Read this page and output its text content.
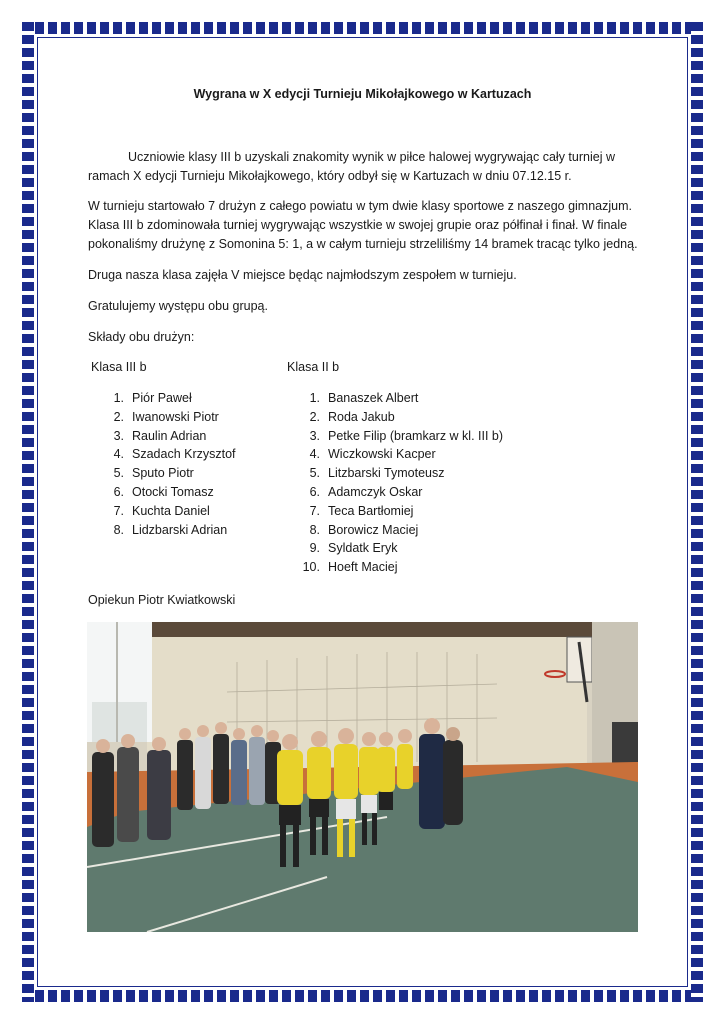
Wygrana w X edycji Turnieju Mikołajkowego w Kartuzach

Uczniowie klasy III b uzyskali znakomity wynik w piłce halowej wygrywając cały turniej w ramach X edycji Turnieju Mikołajkowego, który odbył się w Kartuzach w dniu 07.12.15 r.

W turnieju startowało 7 drużyn z całego powiatu w tym dwie klasy sportowe z naszego gimnazjum. Klasa III b zdominowała turniej wygrywając wszystkie w swojej grupie oraz półfinał i finał. W finale pokonaliśmy drużynę z Somonina 5: 1, a w całym turnieju strzeliliśmy 14 bramek tracąc tylko jedną.

Druga nasza klasa zajęła V miejsce będąc najmłodszym zespołem w turnieju.

Gratulujemy występu obu grupą.

Składy obu drużyn:

Klasa III b	Klasa II b
1. Piór Paweł
2. Iwanowski Piotr
3. Raulin Adrian
4. Szadach Krzysztof
5. Sputo Piotr
6. Otocki Tomasz
7. Kuchta Daniel
8. Lidzbarski Adrian
1. Banaszek Albert
2. Roda Jakub
3. Petke Filip (bramkarz w kl. III b)
4. Wiczkowski Kacper
5. Litzbarski Tymoteusz
6. Adamczyk Oskar
7. Teca Bartłomiej
8. Borowicz Maciej
9. Syldatk Eryk
10. Hoeft Maciej
Opiekun Piotr Kwiatkowski
